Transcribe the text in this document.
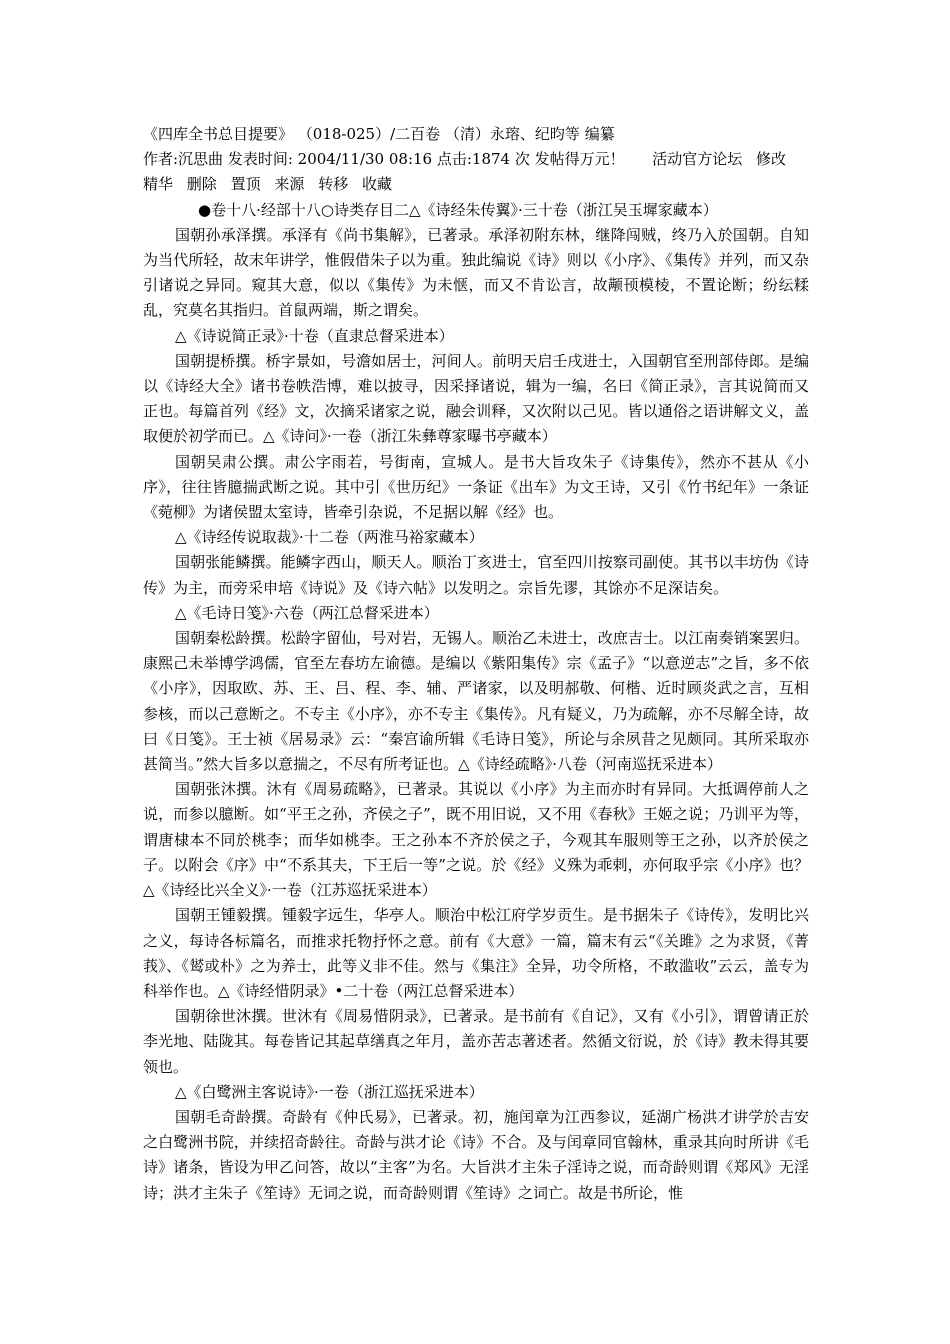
《四库全书总目提要》 （018-025）/二百卷 （清）永瑢、纪昀等 编纂
作者:沉思曲 发表时间: 2004/11/30 08:16 点击:1874 次 发帖得万元！ 活动官方论坛 修改
精华 删除 置顶 来源 转移 收藏
●卷十八·经部十八○诗类存目二△《诗经朱传翼》·三十卷（浙江吴玉墀家藏本）

国朝孙承泽撰。承泽有《尚书集解》，已著录。承泽初附东林，继降闯贼，终乃入於国朝。自知为当代所轻，故末年讲学，惟假借朱子以为重。独此编说《诗》则以《小序》、《集传》并列，而又杂引诸说之异同。窥其大意，似以《集传》为未惬，而又不肯讼言，故颟顸模棱，不置论断；纷纭糅乱，究莫名其指归。首鼠两端，斯之谓矣。

△《诗说简正录》·十卷（直隶总督采进本）

国朝提桥撰。桥字景如，号澹如居士，河间人。前明天启壬戌进士，入国朝官至刑部侍郎。是编以《诗经大全》诸书卷帙浩博，难以披寻，因采择诸说，辑为一编，名曰《简正录》，言其说简而又正也。每篇首列《经》文，次摘采诸家之说，融会训释，又次附以己见。皆以通俗之语讲解文义，盖取便於初学而已。△《诗问》·一卷（浙江朱彝尊家曝书亭藏本）

国朝吴肃公撰。肃公字雨若，号街南，宣城人。是书大旨攻朱子《诗集传》，然亦不甚从《小序》，往往皆臆揣武断之说。其中引《世历纪》一条证《出车》为文王诗，又引《竹书纪年》一条证《菀柳》为诸侯盟太室诗，皆牵引杂说，不足据以解《经》也。

△《诗经传说取裁》·十二卷（两淮马裕家藏本）

国朝张能鳞撰。能鳞字西山，顺天人。顺治丁亥进士，官至四川按察司副使。其书以丰坊伪《诗传》为主，而旁采申培《诗说》及《诗六帖》以发明之。宗旨先谬，其馀亦不足深诘矣。

△《毛诗日笺》·六卷（两江总督采进本）

国朝秦松龄撰。松龄字留仙，号对岩，无锡人。顺治乙未进士，改庶吉士。以江南奏销案罢归。康熙己未举博学鸿儒，官至左春坊左谕德。是编以《紫阳集传》宗《孟子》“以意逆志”之旨，多不依《小序》，因取欧、苏、王、吕、程、李、辅、严诸家，以及明郝敬、何楷、近时顾炎武之言，互相参核，而以己意断之。不专主《小序》，亦不专主《集传》。凡有疑义，乃为疏解，亦不尽解全诗，故曰《日笺》。王士祯《居易录》云：“秦宫谕所辑《毛诗日笺》，所论与余夙昔之见颇同。其所采取亦甚简当。”然大旨多以意揣之，不尽有所考证也。△《诗经疏略》·八卷（河南巡抚采进本）

国朝张沐撰。沐有《周易疏略》，已著录。其说以《小序》为主而亦时有异同。大抵调停前人之说，而参以臆断。如“平王之孙，齐侯之子”，既不用旧说，又不用《春秋》王姬之说；乃训平为等，谓唐棣本不同於桃李；而华如桃李。王之孙本不齐於侯之子，今观其车服则等王之孙，以齐於侯之子。以附会《序》中“不系其夫，下王后一等”之说。於《经》义殊为乖剌，亦何取乎宗《小序》也？△《诗经比兴全义》·一卷（江苏巡抚采进本）

国朝王锺毅撰。锺毅字远生，华亭人。顺治中松江府学岁贡生。是书据朱子《诗传》，发明比兴之义，每诗各标篇名，而推求托物抒怀之意。前有《大意》一篇，篇末有云“《关雎》之为求贤，《菁莪》、《𬸚或朴》之为养士，此等义非不佳。然与《集注》全异，功令所格，不敢滥收”云云，盖专为科举作也。△《诗经惜阴录》•二十卷（两江总督采进本）

国朝徐世沐撰。世沐有《周易惜阴录》，已著录。是书前有《自记》，又有《小引》，谓曾请正於李光地、陆陇其。每卷皆记其起草缮真之年月，盖亦苦志著述者。然循文衍说，於《诗》教未得其要领也。

△《白鹭洲主客说诗》·一卷（浙江巡抚采进本）

国朝毛奇龄撰。奇龄有《仲氏易》，已著录。初，施闰章为江西参议，延湖广杨洪才讲学於吉安之白鹭洲书院，并续招奇龄往。奇龄与洪才论《诗》不合。及与闰章同官翰林，重录其向时所讲《毛诗》诸条，皆设为甲乙问答，故以“主客”为名。大旨洪才主朱子淫诗之说，而奇龄则谓《郑风》无淫诗；洪才主朱子《笙诗》无词之说，而奇龄则谓《笙诗》之词亡。故是书所论，惟
